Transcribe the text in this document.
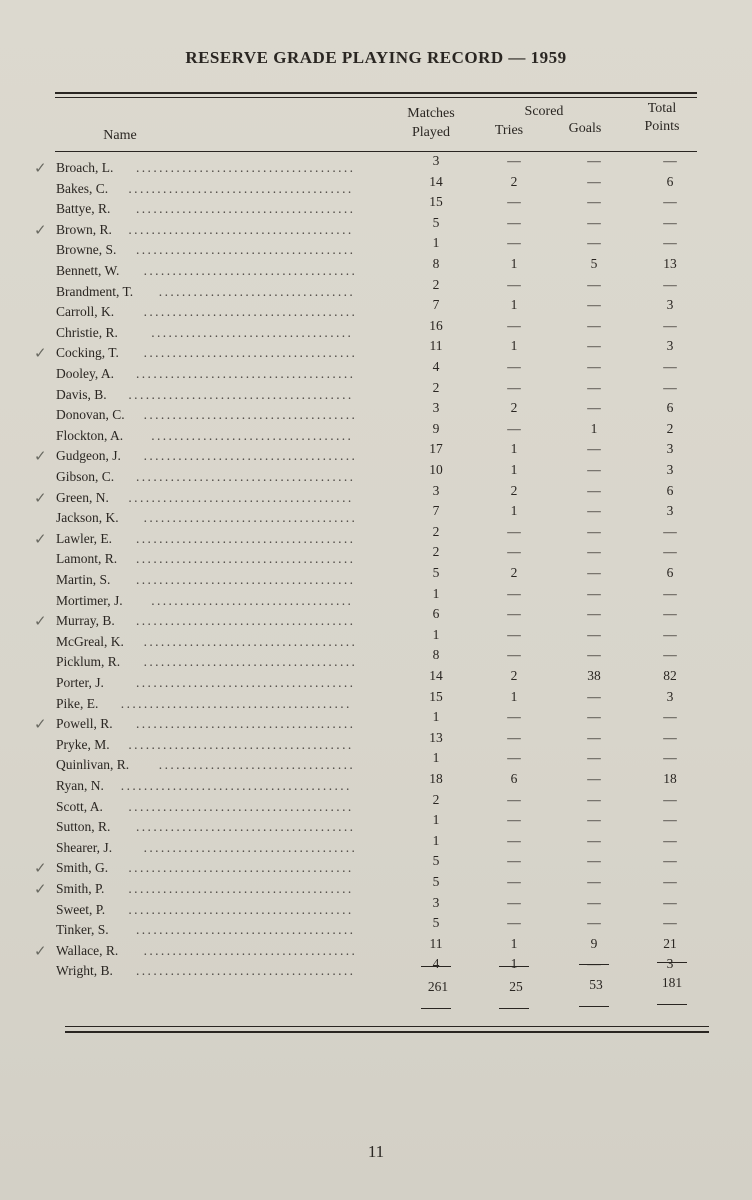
RESERVE GRADE PLAYING RECORD — 1959
Name
Matches
Played
Scored
Tries	Goals
Total
Points
✓ Broach, L. ......................................	3	—	—	—
Bakes, C. .......................................	14	2	—	6
Battye, R. ......................................	15	—	—	—
✓ Brown, R. .......................................	5	—	—	—
Browne, S. ......................................	1	—	—	—
Bennett, W. .....................................	8	1	5	13
Brandment, T. ..................................	2	—	—	—
Carroll, K. .....................................	7	1	—	3
Christie, R. ...................................	16	—	—	—
✓ Cocking, T. .....................................	11	1	—	3
Dooley, A. ......................................	4	—	—	—
Davis, B. .......................................	2	—	—	—
Donovan, C. .....................................	3	2	—	6
Flockton, A. ...................................	9	—	1	2
✓ Gudgeon, J. .....................................	17	1	—	3
Gibson, C. ......................................	10	1	—	3
✓ Green, N. .......................................	3	2	—	6
Jackson, K. .....................................	7	1	—	3
✓ Lawler, E. ......................................	2	—	—	—
Lamont, R. ......................................	2	—	—	—
Martin, S. ......................................	5	2	—	6
Mortimer, J. ...................................	1	—	—	—
✓ Murray, B. ......................................	6	—	—	—
McGreal, K. .....................................	1	—	—	—
Picklum, R. .....................................	8	—	—	—
Porter, J. ......................................	14	2	38	82
Pike, E. ........................................	15	1	—	3
✓ Powell, R. ......................................	1	—	—	—
Pryke, M. .......................................	13	—	—	—
Quinlivan, R. ..................................	1	—	—	—
Ryan, N. ........................................	18	6	—	18
Scott, A. .......................................	2	—	—	—
Sutton, R. ......................................	1	—	—	—
Shearer, J. .....................................	1	—	—	—
✓ Smith, G. .......................................	5	—	—	—
✓ Smith, P. .......................................	5	—	—	—
Sweet, P. .......................................	3	—	—	—
Tinker, S. ......................................	5	—	—	—
✓ Wallace, R. .....................................	11	1	9	21
Wright, B. ......................................	4	1	—	3
261	25	53	181
11
